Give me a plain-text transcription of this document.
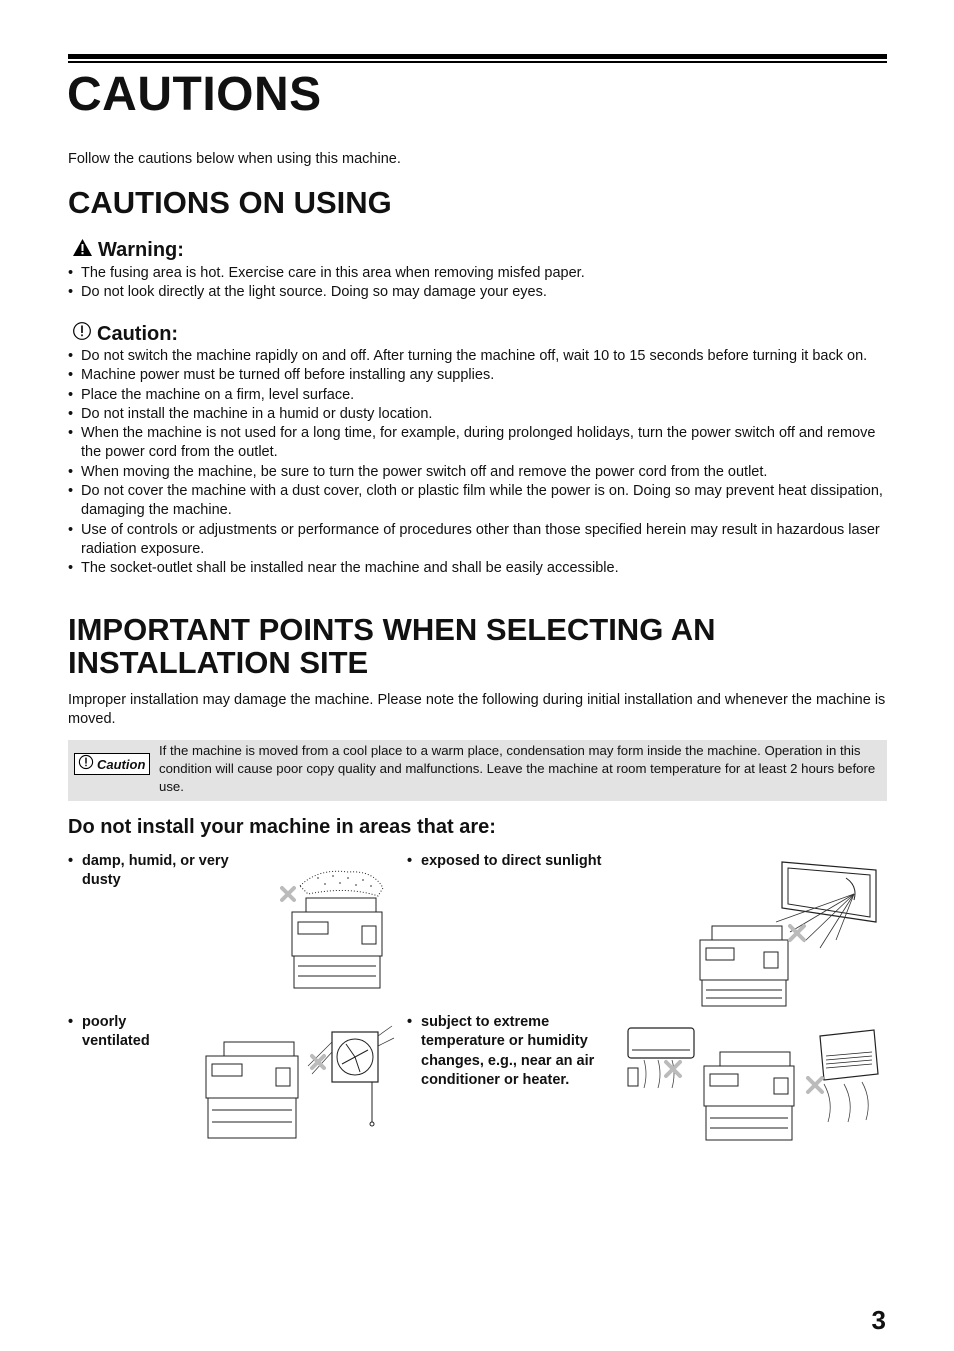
CAUTIONS
Follow the cautions below when using this machine.
CAUTIONS ON USING
Warning:
• The fusing area is hot. Exercise care in this area when removing misfed paper.
• Do not look directly at the light source. Doing so may damage your eyes.
Caution:
• Do not switch the machine rapidly on and off. After turning the machine off, wait 10 to 15 seconds before turning it back on.
• Machine power must be turned off before installing any supplies.
• Place the machine on a firm, level surface.
• Do not install the machine in a humid or dusty location.
• When the machine is not used for a long time, for example, during prolonged holidays, turn the power switch off and remove the power cord from the outlet.
• When moving the machine, be sure to turn the power switch off and remove the power cord from the outlet.
• Do not cover the machine with a dust cover, cloth or plastic film while the power is on. Doing so may prevent heat dissipation, damaging the machine.
• Use of controls or adjustments or performance of procedures other than those specified herein may result in hazardous laser radiation exposure.
• The socket-outlet shall be installed near the machine and shall be easily accessible.
IMPORTANT POINTS WHEN SELECTING AN
INSTALLATION SITE
Improper installation may damage the machine. Please note the following during initial installation and whenever the machine is moved.
Caution
If the machine is moved from a cool place to a warm place, condensation may form inside the machine. Operation in this condition will cause poor copy quality and malfunctions. Leave the machine at room temperature for at least 2 hours before use.
Do not install your machine in areas that are:
• damp, humid, or very dusty
• exposed to direct sunlight
• poorly ventilated
• subject to extreme temperature or humidity changes, e.g., near an air conditioner or heater.
3
